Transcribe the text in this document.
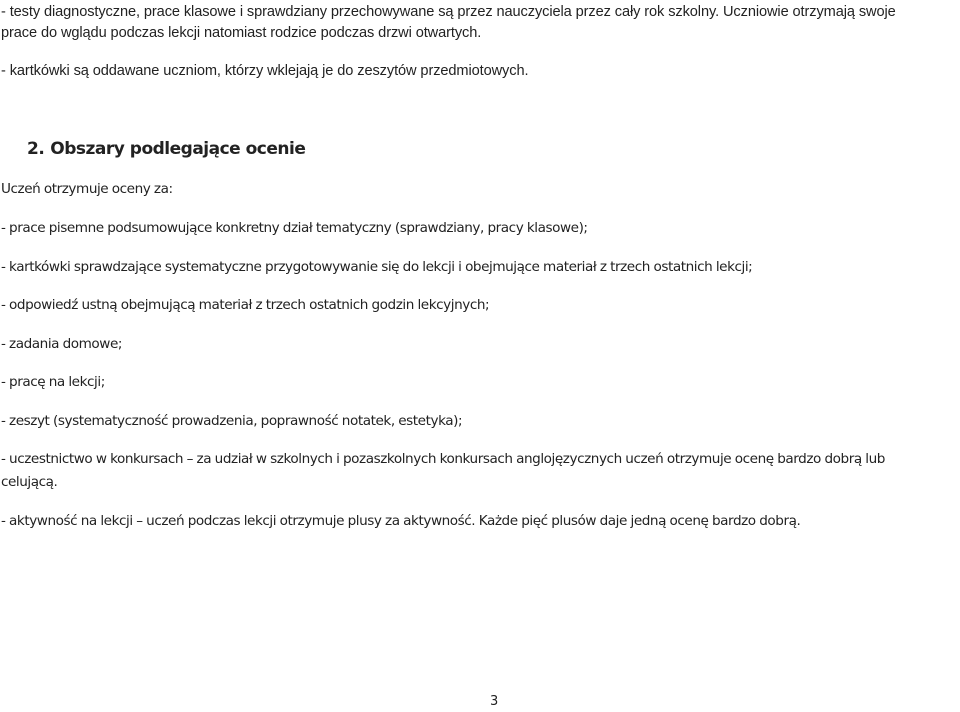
- testy diagnostyczne, prace klasowe i sprawdziany przechowywane są przez nauczyciela przez cały rok szkolny. Uczniowie otrzymają swoje

prace do wglądu podczas lekcji natomiast rodzice podczas drzwi otwartych.

- kartkówki są oddawane uczniom, którzy wklejają je do zeszytów przedmiotowych.

2. Obszary podlegające ocenie

Uczeń otrzymuje oceny za:

- prace pisemne podsumowujące konkretny dział tematyczny (sprawdziany, pracy klasowe);

- kartkówki sprawdzające systematyczne przygotowywanie się do lekcji i obejmujące materiał z trzech ostatnich lekcji;

- odpowiedź ustną obejmującą materiał z trzech ostatnich godzin lekcyjnych;

- zadania domowe;

- pracę na lekcji;

- zeszyt (systematyczność prowadzenia, poprawność notatek, estetyka);

- uczestnictwo w konkursach – za udział w szkolnych i pozaszkolnych konkursach anglojęzycznych uczeń otrzymuje ocenę bardzo dobrą lub

celującą.

- aktywność na lekcji – uczeń podczas lekcji otrzymuje plusy za aktywność. Każde pięć plusów daje jedną ocenę bardzo dobrą.

3
